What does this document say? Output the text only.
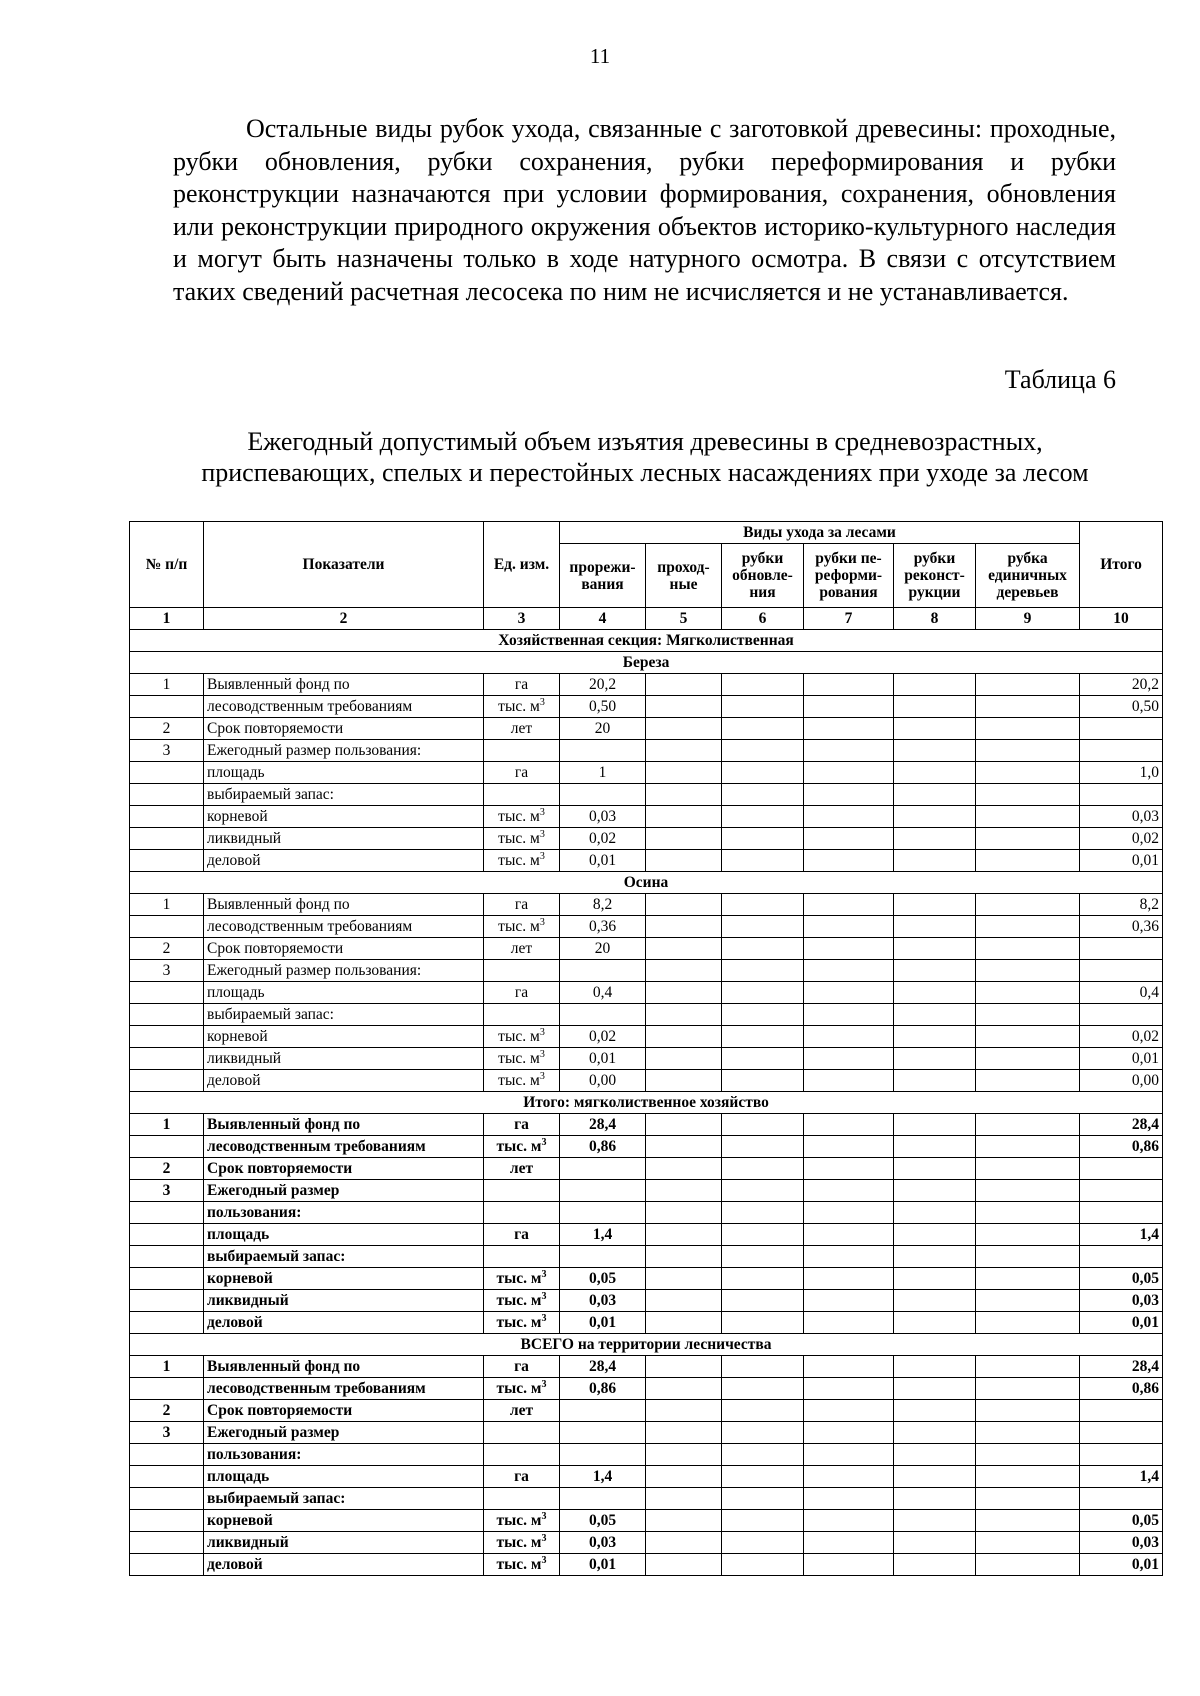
11

Остальные виды рубок ухода, связанные с заготовкой древесины: проходные, рубки обновления, рубки сохранения, рубки переформирования и рубки реконструкции назначаются при условии формирования, сохранения, обновления или реконструкции природного окружения объектов историко-культурного наследия и могут быть назначены только в ходе натурного осмотра. В связи с отсутствием таких сведений расчетная лесосека по ним не исчисляется и не устанавливается.

Таблица 6
Ежегодный допустимый объем изъятия древесины в средневозрастных, приспевающих, спелых и перестойных лесных насаждениях при уходе за лесом
№ п/п	Показатели	Ед. изм.	Виды ухода за лесами						Итого
			прорежи-вания	проход-ные	рубки обновле-ния	рубки пе-реформи-рования	рубки реконст-рукции	рубка единичных деревьев	
1	2	3	4	5	6	7	8	9	10
Хозяйственная секция: Мягколиственная									
Береза									
1	Выявленный фонд по	га	20,2						20,2
	лесоводственным требованиям	тыс. $м^3$	0,50						0,50
2	Срок повторяемости	лет	20						
3	Ежегодный размер пользования:								
	площадь	га	1						1,0
	выбираемый запас:								
	корневой	тыс. $м^3$	0,03						0,03
	ликвидный	тыс. $м^3$	0,02						0,02
	деловой	тыс. $м^3$	0,01						0,01
Осина									
1	Выявленный фонд по	га	8,2						8,2
	лесоводственным требованиям	тыс. $м^3$	0,36						0,36
2	Срок повторяемости	лет	20						
3	Ежегодный размер пользования:								
	площадь	га	0,4						0,4
	выбираемый запас:								
	корневой	тыс. $м^3$	0,02						0,02
	ликвидный	тыс. $м^3$	0,01						0,01
	деловой	тыс. $м^3$	0,00						0,00
Итого: мягколиственное хозяйство									
1	Выявленный фонд по	га	28,4						28,4
	лесоводственным требованиям	тыс. $м^3$	0,86						0,86
2	Срок повторяемости	лет							
3	Ежегодный размер								
	пользования:								
	площадь	га	1,4						1,4
	выбираемый запас:								
	корневой	тыс. $м^3$	0,05						0,05
	ликвидный	тыс. $м^3$	0,03						0,03
	деловой	тыс. $м^3$	0,01						0,01
ВСЕГО на территории лесничества									
1	Выявленный фонд по	га	28,4						28,4
	лесоводственным требованиям	тыс. $м^3$	0,86						0,86
2	Срок повторяемости	лет							
3	Ежегодный размер								
	пользования:								
	площадь	га	1,4						1,4
	выбираемый запас:								
	корневой	тыс. $м^3$	0,05						0,05
	ликвидный	тыс. $м^3$	0,03						0,03
	деловой	тыс. $м^3$	0,01						0,01
